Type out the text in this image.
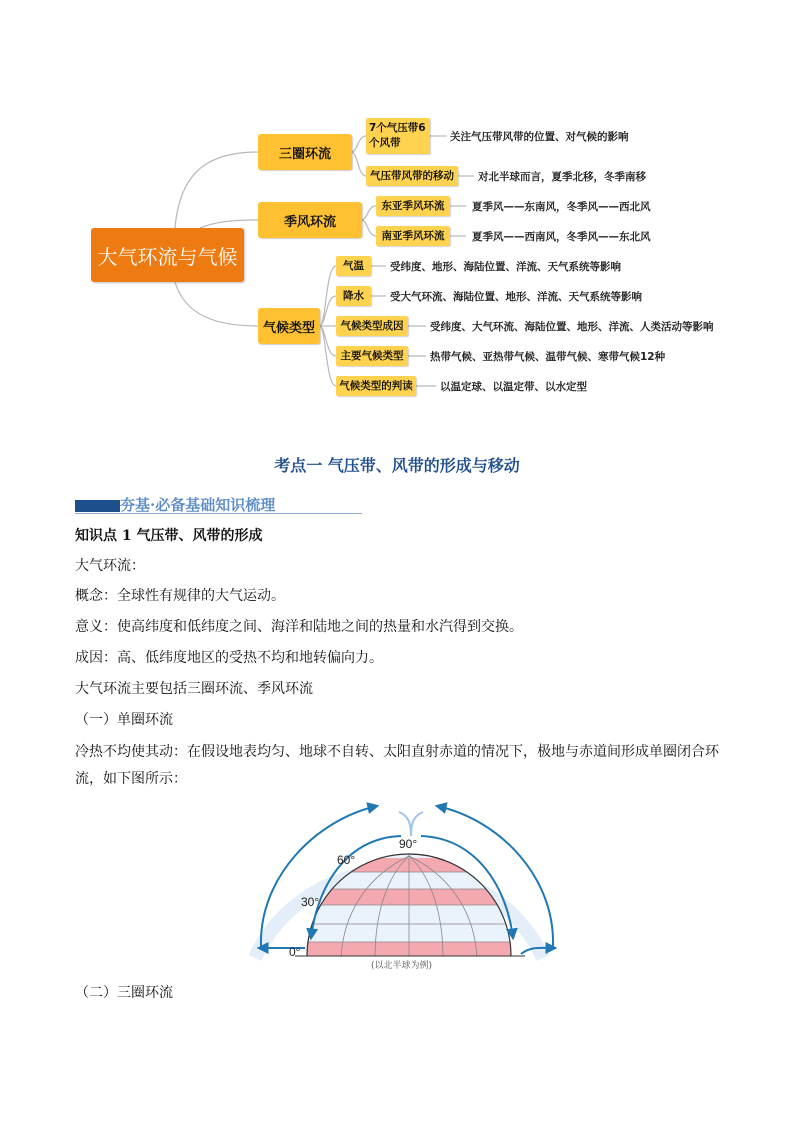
大气环流与气候
三圈环流
季风环流
气候类型
7个气压带6个风带	关注气压带风带的位置、对气候的影响
气压带风带的移动	对北半球而言，夏季北移，冬季南移
东亚季风环流	夏季风——东南风，冬季风——西北风
南亚季风环流	夏季风——西南风，冬季风——东北风
气温	受纬度、地形、海陆位置、洋流、天气系统等影响
降水	受大气环流、海陆位置、地形、洋流、天气系统等影响
气候类型成因	受纬度、大气环流、海陆位置、地形、洋流、人类活动等影响
主要气候类型	热带气候、亚热带气候、温带气候、寒带气候12种
气候类型的判读	以温定球、以温定带、以水定型
考点一 气压带、风带的形成与移动
夯基·必备基础知识梳理
知识点 1 气压带、风带的形成
大气环流：
概念：全球性有规律的大气运动。
意义：使高纬度和低纬度之间、海洋和陆地之间的热量和水汽得到交换。
成因：高、低纬度地区的受热不均和地转偏向力。
大气环流主要包括三圈环流、季风环流
（一）单圈环流
冷热不均使其动：在假设地表均匀、地球不自转、太阳直射赤道的情况下，极地与赤道间形成单圈闭合环流，如下图所示：
90°
60°
30°
0°
(以北半球为例)
（二）三圈环流
